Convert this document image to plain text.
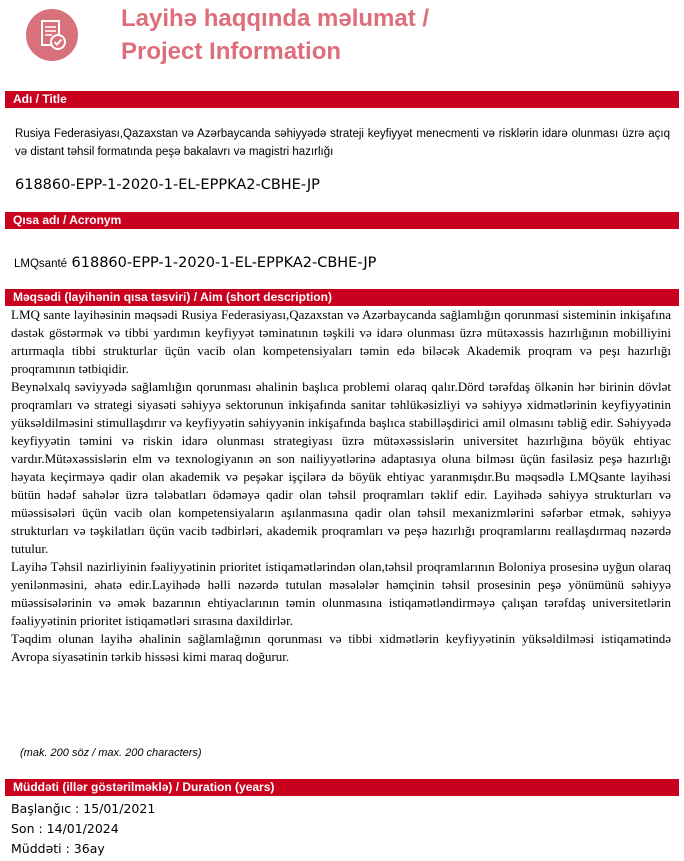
Layihə haqqında məlumat /
Project Information
Adı / Title
Rusiya Federasiyası,Qazaxstan və Azərbaycanda səhiyyədə strateji keyfiyyət menecmenti və risklərin idarə olunması üzrə açıq və distant təhsil formatında peşə bakalavrı və magistri hazırlığı
618860-EPP-1-2020-1-EL-EPPKA2-CBHE-JP
Qısa adı / Acronym
LMQsanté 618860-EPP-1-2020-1-EL-EPPKA2-CBHE-JP
Məqsədi (layihənin qısa təsviri) / Aim (short description)

LMQ sante layihəsinin məqsədi Rusiya Federasiyası,Qazaxstan və Azərbaycanda sağlamlığın qorunmasi sisteminin inkişafına dəstək göstərmək və tibbi yardımın keyfiyyət təminatının təşkili və idarə olunması üzrə mütəxəssis hazırlığının mobilliyini artırmaqla tibbi strukturlar üçün vacib olan kompetensiyaları təmin edə biləcək Akademik proqram və peşı hazırlığı proqramının tətbiqidir.

Beynəlxalq səviyyədə sağlamlığın qorunması əhalinin başlıca problemi olaraq qalır.Dörd tərəfdaş ölkənin hər birinin dövlət proqramları və strategi siyasəti səhiyyə sektorunun inkişafında sanitar təhlükəsizliyi və səhiyyə xidmətlərinin keyfiyyətinin yüksəldilməsini stimullaşdırır və keyfiyyətin səhiyyənin inkişafında başlıca stabilləşdirici amil olmasını təbliğ edir. Səhiyyədə keyfiyyətin təmini və riskin idarə olunması strategiyası üzrə mütəxəssislərin universitet hazırlığına böyük ehtiyac vardır.Mütəxəssislərin elm və texnologiyanın ən son nailiyyətlərinə adaptasıya oluna bilməsı üçün fasiləsiz peşə hazırlığı həyata keçirməyə qadir olan akademik və peşəkar işçilərə də böyük ehtiyac yaranmışdır.Bu məqsədlə LMQsante layihəsi bütün hədəf sahələr üzrə tələbatları ödəməyə qadir olan təhsil proqramları təklif edir. Layihədə səhiyyə strukturları və müəssisələri üçün vacib olan kompetensiyaların aşılanmasına qadir olan təhsil mexanizmlərini səfərbər etmək, səhiyyə strukturları və təşkilatları üçün vacib tədbirləri, akademik proqramları və peşə hazırlığı proqramlarını reallaşdırmaq nəzərdə tutulur.

Layihə Təhsil nazirliyinin fəaliyyətinin prioritet istiqamətlərindən olan,təhsil proqramlarının Boloniya prosesinə uyğun olaraq yenilənməsini, əhatə edir.Layihədə həlli nəzərdə tutulan məsələlər həmçinin təhsil prosesinin peşə yönümünü səhiyyə müəssisələrinin və əmək bazarının ehtiyaclarının təmin olunmasına istiqamətləndirməyə çalışan tərəfdaş universitetlərin fəaliyyətinin prioritet istiqamətləri sırasına daxildirlər.

Təqdim olunan layihə əhalinin sağlamlağının qorunması və tibbi xidmətlərin keyfiyyətinin yüksəldilməsi istiqamətində Avropa siyasətinin tərkib hissəsi kimi maraq doğurur.

(mak. 200 söz / max. 200 characters)
Müddəti (illər göstərilməklə) / Duration (years)
Başlanğıc : 15/01/2021
Son : 14/01/2024
Müddəti : 36ay
